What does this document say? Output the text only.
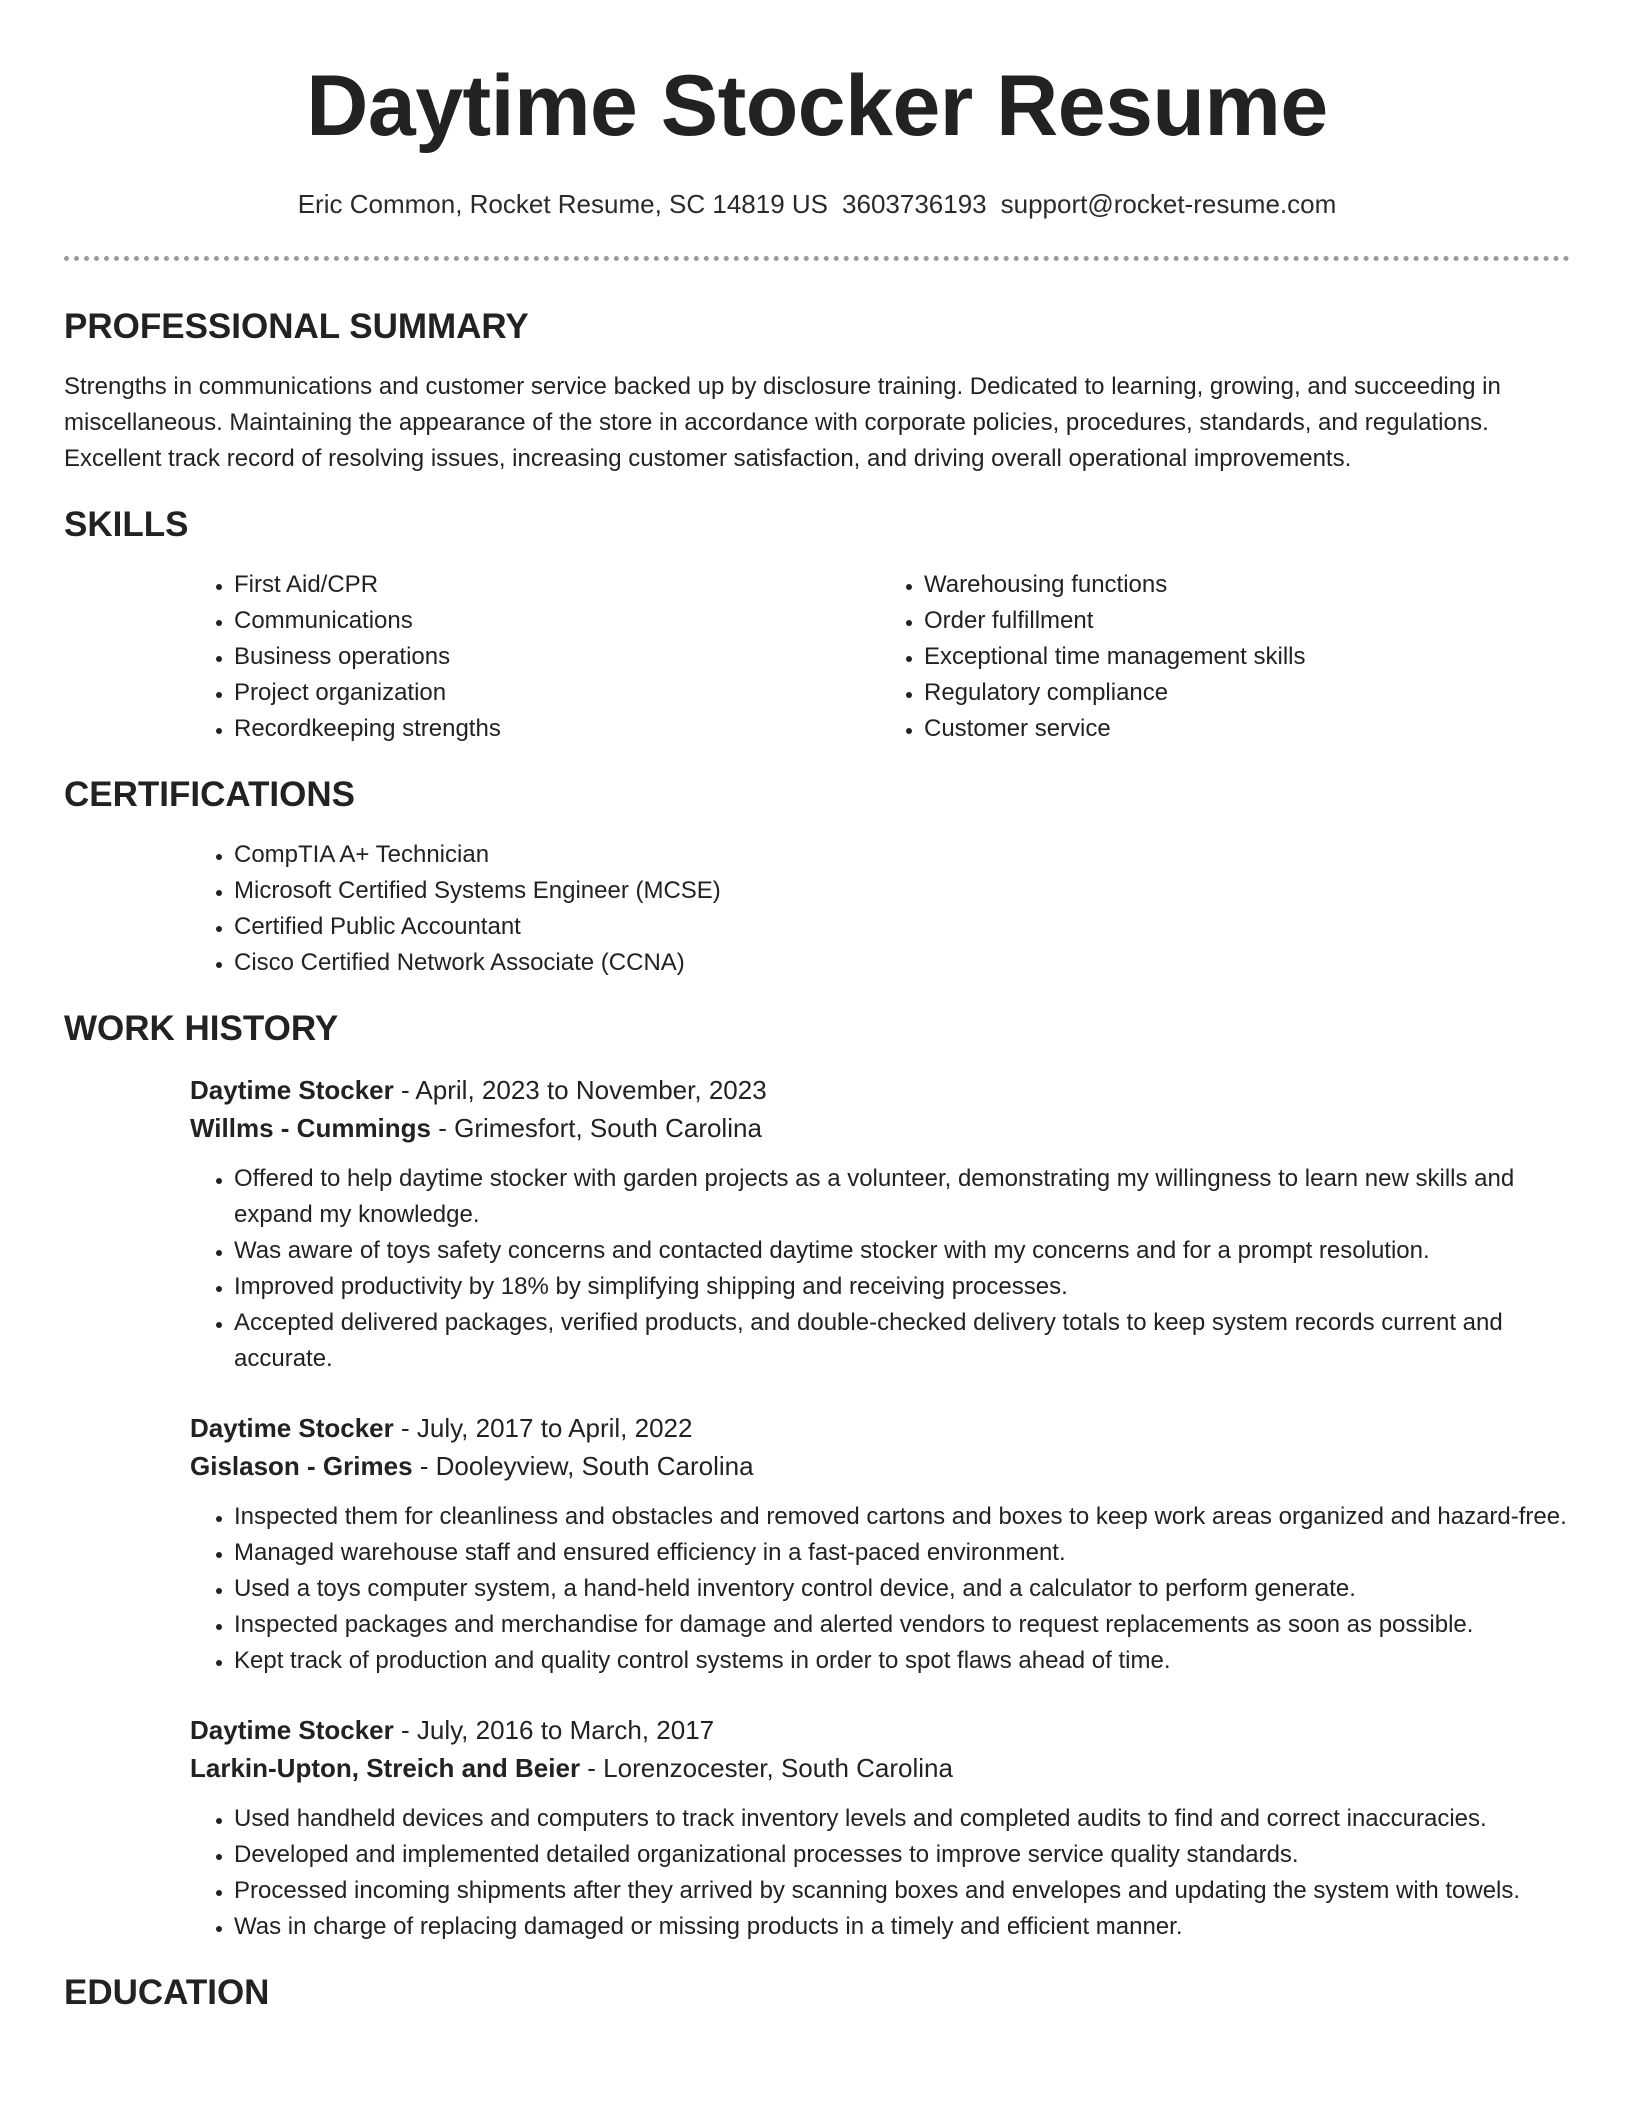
Daytime Stocker Resume
Eric Common, Rocket Resume, SC 14819 US 3603736193 support@rocket-resume.com
PROFESSIONAL SUMMARY

Strengths in communications and customer service backed up by disclosure training. Dedicated to learning, growing, and succeeding in miscellaneous. Maintaining the appearance of the store in accordance with corporate policies, procedures, standards, and regulations. Excellent track record of resolving issues, increasing customer satisfaction, and driving overall operational improvements.

SKILLS
• First Aid/CPR
• Communications
• Business operations
• Project organization
• Recordkeeping strengths
• Warehousing functions
• Order fulfillment
• Exceptional time management skills
• Regulatory compliance
• Customer service
CERTIFICATIONS
• CompTIA A+ Technician
• Microsoft Certified Systems Engineer (MCSE)
• Certified Public Accountant
• Cisco Certified Network Associate (CCNA)
WORK HISTORY
Daytime Stocker - April, 2023 to November, 2023
Willms - Cummings - Grimesfort, South Carolina
• Offered to help daytime stocker with garden projects as a volunteer, demonstrating my willingness to learn new skills and expand my knowledge.
• Was aware of toys safety concerns and contacted daytime stocker with my concerns and for a prompt resolution.
• Improved productivity by 18% by simplifying shipping and receiving processes.
• Accepted delivered packages, verified products, and double-checked delivery totals to keep system records current and accurate.
Daytime Stocker - July, 2017 to April, 2022
Gislason - Grimes - Dooleyview, South Carolina
• Inspected them for cleanliness and obstacles and removed cartons and boxes to keep work areas organized and hazard-free.
• Managed warehouse staff and ensured efficiency in a fast-paced environment.
• Used a toys computer system, a hand-held inventory control device, and a calculator to perform generate.
• Inspected packages and merchandise for damage and alerted vendors to request replacements as soon as possible.
• Kept track of production and quality control systems in order to spot flaws ahead of time.
Daytime Stocker - July, 2016 to March, 2017
Larkin-Upton, Streich and Beier - Lorenzocester, South Carolina
• Used handheld devices and computers to track inventory levels and completed audits to find and correct inaccuracies.
• Developed and implemented detailed organizational processes to improve service quality standards.
• Processed incoming shipments after they arrived by scanning boxes and envelopes and updating the system with towels.
• Was in charge of replacing damaged or missing products in a timely and efficient manner.
EDUCATION
